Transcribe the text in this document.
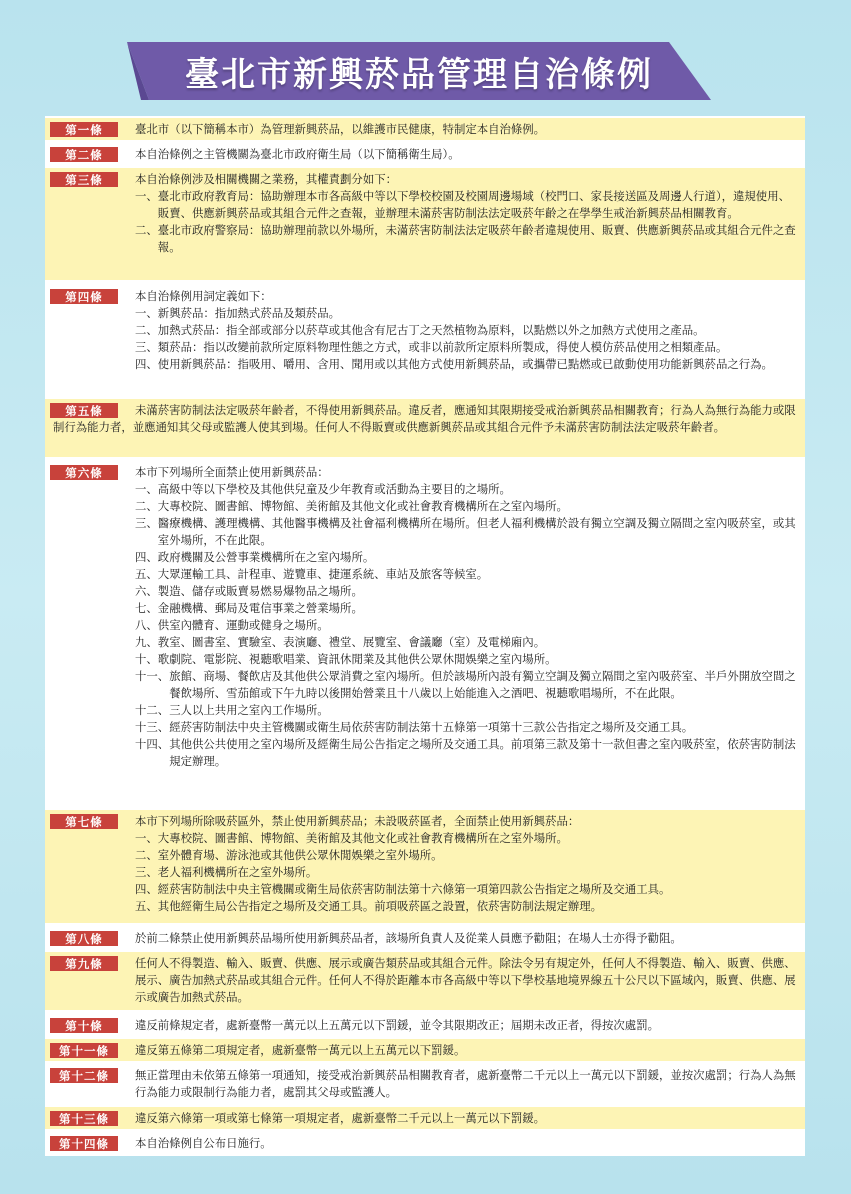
臺北市新興菸品管理自治條例
第一條	臺北市（以下簡稱本市）為管理新興菸品，以維護市民健康，特制定本自治條例。
第二條	本自治條例之主管機關為臺北市政府衛生局（以下簡稱衛生局）。
第三條	本自治條例涉及相關機關之業務，其權責劃分如下：
一、 臺北市政府教育局：協助辦理本市各高級中等以下學校校園及校園周邊場域（校門口、家長接送區及周邊人行道），違規使用、販賣、供應新興菸品或其組合元件之查報，並辦理未滿菸害防制法法定吸菸年齡之在學學生戒治新興菸品相關教育。
二、 臺北市政府警察局：協助辦理前款以外場所，未滿菸害防制法法定吸菸年齡者違規使用、販賣、供應新興菸品或其組合元件之查報。
第四條	本自治條例用詞定義如下：
一、 新興菸品：指加熱式菸品及類菸品。
二、 加熱式菸品：指全部或部分以菸草或其他含有尼古丁之天然植物為原料，以點燃以外之加熱方式使用之產品。
三、 類菸品：指以改變前款所定原料物理性態之方式，或非以前款所定原料所製成，得使人模仿菸品使用之相類產品。
四、 使用新興菸品：指吸用、嚼用、含用、聞用或以其他方式使用新興菸品，或攜帶已點燃或已啟動使用功能新興菸品之行為。
第五條	未滿菸害防制法法定吸菸年齡者，不得使用新興菸品。違反者，應通知其限期接受戒治新興菸品相關教育；行為人為無行為能力或限制行為能力者，並應通知其父母或監護人使其到場。任何人不得販賣或供應新興菸品或其組合元件予未滿菸害防制法法定吸菸年齡者。
第六條	本市下列場所全面禁止使用新興菸品：
一、 高級中等以下學校及其他供兒童及少年教育或活動為主要目的之場所。
二、 大專校院、圖書館、博物館、美術館及其他文化或社會教育機構所在之室內場所。
三、 醫療機構、護理機構、其他醫事機構及社會福利機構所在場所。但老人福利機構於設有獨立空調及獨立隔間之室內吸菸室，或其室外場所，不在此限。
四、 政府機關及公營事業機構所在之室內場所。
五、 大眾運輸工具、計程車、遊覽車、捷運系統、車站及旅客等候室。
六、 製造、儲存或販賣易燃易爆物品之場所。
七、 金融機構、郵局及電信事業之營業場所。
八、 供室內體育、運動或健身之場所。
九、 教室、圖書室、實驗室、表演廳、禮堂、展覽室、會議廳（室）及電梯廂內。
十、 歌劇院、電影院、視聽歌唱業、資訊休閒業及其他供公眾休閒娛樂之室內場所。
十一、 旅館、商場、餐飲店及其他供公眾消費之室內場所。但於該場所內設有獨立空調及獨立隔間之室內吸菸室、半戶外開放空間之餐飲場所、雪茄館或下午九時以後開始營業且十八歲以上始能進入之酒吧、視聽歌唱場所，不在此限。
十二、 三人以上共用之室內工作場所。
十三、 經菸害防制法中央主管機關或衛生局依菸害防制法第十五條第一項第十三款公告指定之場所及交通工具。
十四、 其他供公共使用之室內場所及經衛生局公告指定之場所及交通工具。前項第三款及第十一款但書之室內吸菸室，依菸害防制法規定辦理。
第七條	本市下列場所除吸菸區外，禁止使用新興菸品；未設吸菸區者，全面禁止使用新興菸品：
一、 大專校院、圖書館、博物館、美術館及其他文化或社會教育機構所在之室外場所。
二、 室外體育場、游泳池或其他供公眾休閒娛樂之室外場所。
三、 老人福利機構所在之室外場所。
四、 經菸害防制法中央主管機關或衛生局依菸害防制法第十六條第一項第四款公告指定之場所及交通工具。
五、 其他經衛生局公告指定之場所及交通工具。前項吸菸區之設置，依菸害防制法規定辦理。
第八條	於前二條禁止使用新興菸品場所使用新興菸品者，該場所負責人及從業人員應予勸阻；在場人士亦得予勸阻。
第九條	任何人不得製造、輸入、販賣、供應、展示或廣告類菸品或其組合元件。除法令另有規定外，任何人不得製造、輸入、販賣、供應、展示、廣告加熱式菸品或其組合元件。任何人不得於距離本市各高級中等以下學校基地境界線五十公尺以下區域內，販賣、供應、展示或廣告加熱式菸品。
第十條	違反前條規定者，處新臺幣一萬元以上五萬元以下罰鍰，並令其限期改正；屆期未改正者，得按次處罰。
第十一條	違反第五條第二項規定者，處新臺幣一萬元以上五萬元以下罰鍰。
第十二條	無正當理由未依第五條第一項通知，接受戒治新興菸品相關教育者，處新臺幣二千元以上一萬元以下罰鍰，並按次處罰；行為人為無行為能力或限制行為能力者，處罰其父母或監護人。
第十三條	違反第六條第一項或第七條第一項規定者，處新臺幣二千元以上一萬元以下罰鍰。
第十四條	本自治條例自公布日施行。
